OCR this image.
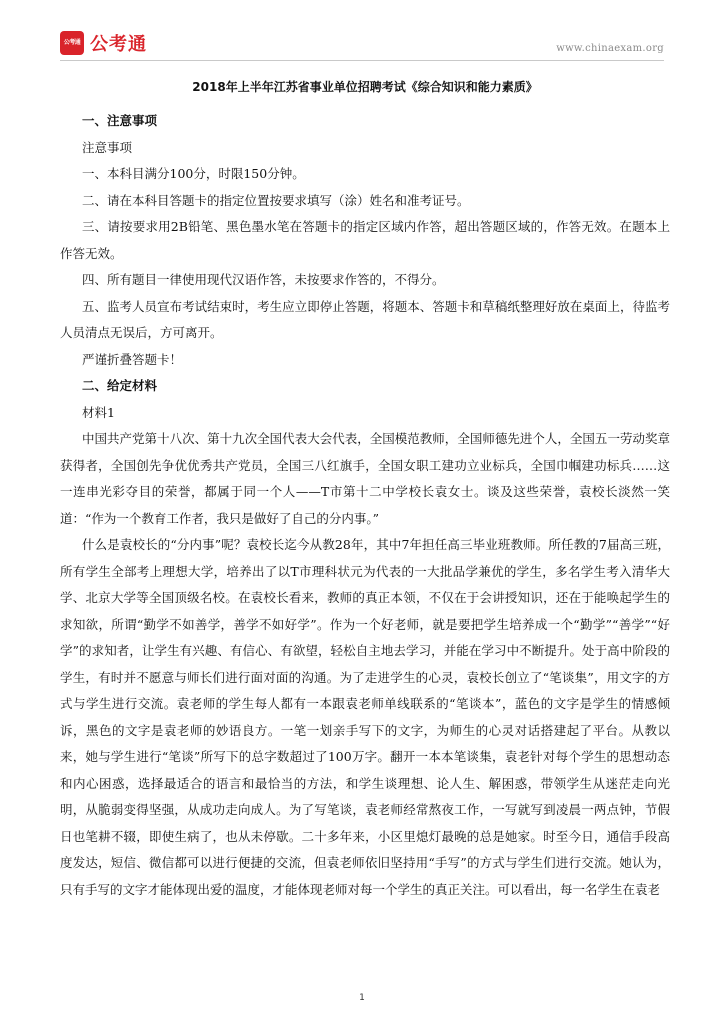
公考通 公考通	www.chinaexam.org

2018年上半年江苏省事业单位招聘考试《综合知识和能力素质》

一、注意事项

注意事项

一、本科目满分100分，时限150分钟。

二、请在本科目答题卡的指定位置按要求填写（涂）姓名和准考证号。

三、请按要求用2B铅笔、黑色墨水笔在答题卡的指定区域内作答，超出答题区域的，作答无效。在题本上作答无效。

四、所有题目一律使用现代汉语作答，未按要求作答的，不得分。

五、监考人员宣布考试结束时，考生应立即停止答题，将题本、答题卡和草稿纸整理好放在桌面上，待监考人员清点无误后，方可离开。

严谨折叠答题卡！

二、给定材料

材料1

中国共产党第十八次、第十九次全国代表大会代表，全国模范教师，全国师德先进个人，全国五一劳动奖章获得者，全国创先争优优秀共产党员，全国三八红旗手，全国女职工建功立业标兵，全国巾帼建功标兵……这一连串光彩夺目的荣誉，都属于同一个人——T市第十二中学校长袁女士。谈及这些荣誉，袁校长淡然一笑道：“作为一个教育工作者，我只是做好了自己的分内事。”

什么是袁校长的“分内事”呢？袁校长迄今从教28年，其中7年担任高三毕业班教师。所任教的7届高三班，所有学生全部考上理想大学，培养出了以T市理科状元为代表的一大批品学兼优的学生，多名学生考入清华大学、北京大学等全国顶级名校。在袁校长看来，教师的真正本领，不仅在于会讲授知识，还在于能唤起学生的求知欲，所谓“勤学不如善学，善学不如好学”。作为一个好老师，就是要把学生培养成一个“勤学”“善学”“好学”的求知者，让学生有兴趣、有信心、有欲望，轻松自主地去学习，并能在学习中不断提升。处于高中阶段的学生，有时并不愿意与师长们进行面对面的沟通。为了走进学生的心灵，袁校长创立了“笔谈集”，用文字的方式与学生进行交流。袁老师的学生每人都有一本跟袁老师单线联系的“笔谈本”，蓝色的文字是学生的情感倾诉，黑色的文字是袁老师的妙语良方。一笔一划亲手写下的文字，为师生的心灵对话搭建起了平台。从教以来，她与学生进行“笔谈”所写下的总字数超过了100万字。翻开一本本笔谈集，袁老针对每个学生的思想动态和内心困惑，选择最适合的语言和最恰当的方法，和学生谈理想、论人生、解困惑，带领学生从迷茫走向光明，从脆弱变得坚强，从成功走向成人。为了写笔谈，袁老师经常熬夜工作，一写就写到凌晨一两点钟，节假日也笔耕不辍，即使生病了，也从未停歇。二十多年来，小区里熄灯最晚的总是她家。时至今日，通信手段高度发达，短信、微信都可以进行便捷的交流，但袁老师依旧坚持用“手写”的方式与学生们进行交流。她认为，只有手写的文字才能体现出爱的温度，才能体现老师对每一个学生的真正关注。可以看出，每一名学生在袁老

1
